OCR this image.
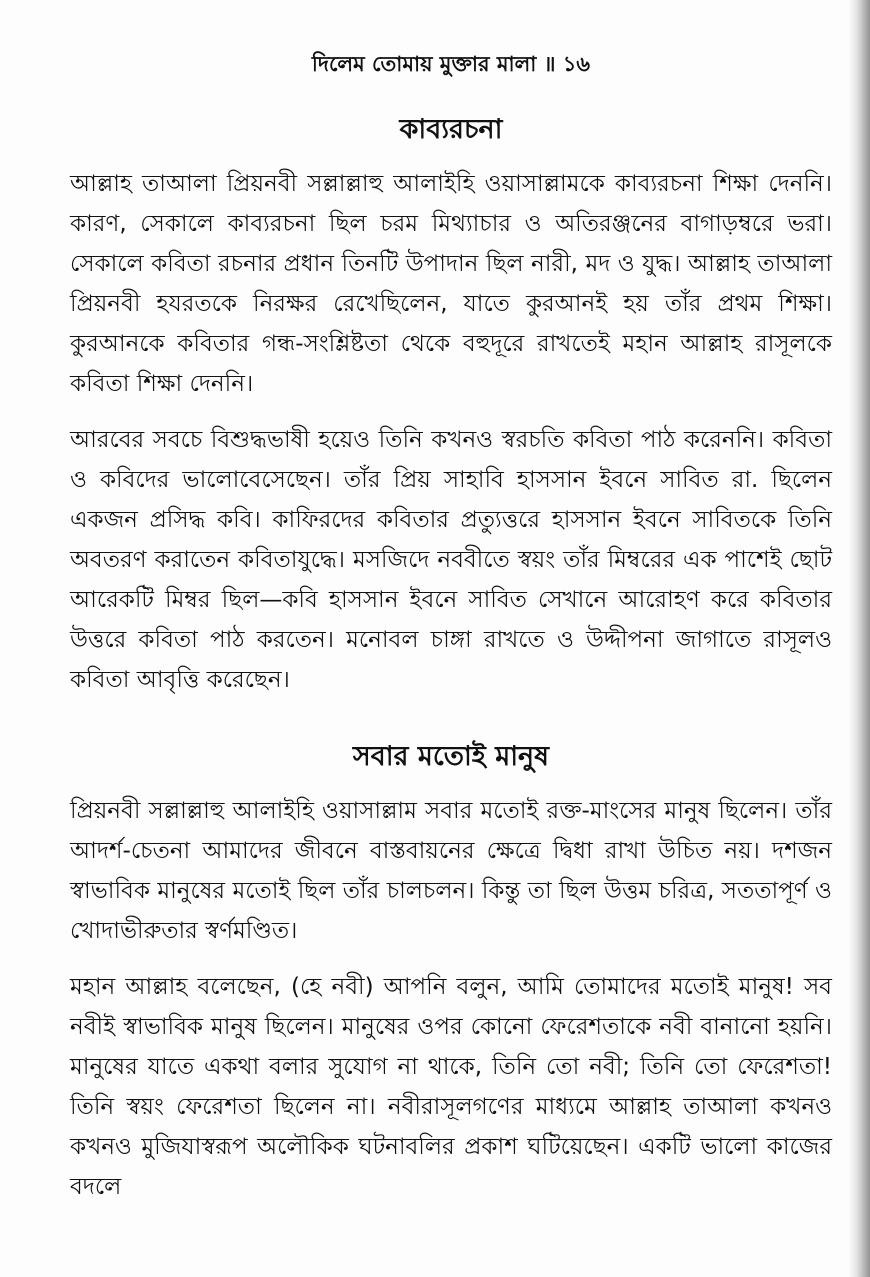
দিলেম তোমায় মুক্তার মালা ॥ ১৬
কাব্যরচনা

আল্লাহ তাআলা প্রিয়নবী সল্লাল্লাহু আলাইহি ওয়াসাল্লামকে কাব্যরচনা শিক্ষা দেননি। কারণ, সেকালে কাব্যরচনা ছিল চরম মিথ্যাচার ও অতিরঞ্জনের বাগাড়ম্বরে ভরা। সেকালে কবিতা রচনার প্রধান তিনটি উপাদান ছিল নারী, মদ ও যুদ্ধ। আল্লাহ তাআলা প্রিয়নবী হযরতকে নিরক্ষর রেখেছিলেন, যাতে কুরআনই হয় তাঁর প্রথম শিক্ষা। কুরআনকে কবিতার গন্ধ-সংশ্লিষ্টতা থেকে বহুদূরে রাখতেই মহান আল্লাহ রাসূলকে কবিতা শিক্ষা দেননি।

আরবের সবচে বিশুদ্ধভাষী হয়েও তিনি কখনও স্বরচতি কবিতা পাঠ করেননি। কবিতা ও কবিদের ভালোবেসেছেন। তাঁর প্রিয় সাহাবি হাসসান ইবনে সাবিত রা. ছিলেন একজন প্রসিদ্ধ কবি। কাফিরদের কবিতার প্রত্যুত্তরে হাসসান ইবনে সাবিতকে তিনি অবতরণ করাতেন কবিতাযুদ্ধে। মসজিদে নববীতে স্বয়ং তাঁর মিম্বরের এক পাশেই ছোট আরেকটি মিম্বর ছিল—কবি হাসসান ইবনে সাবিত সেখানে আরোহণ করে কবিতার উত্তরে কবিতা পাঠ করতেন। মনোবল চাঙ্গা রাখতে ও উদ্দীপনা জাগাতে রাসূলও কবিতা আবৃত্তি করেছেন।

সবার মতোই মানুষ

প্রিয়নবী সল্লাল্লাহু আলাইহি ওয়াসাল্লাম সবার মতোই রক্ত-মাংসের মানুষ ছিলেন। তাঁর আদর্শ-চেতনা আমাদের জীবনে বাস্তবায়নের ক্ষেত্রে দ্বিধা রাখা উচিত নয়। দশজন স্বাভাবিক মানুষের মতোই ছিল তাঁর চালচলন। কিন্তু তা ছিল উত্তম চরিত্র, সততাপূর্ণ ও খোদাভীরুতার স্বর্ণমণ্ডিত।

মহান আল্লাহ বলেছেন, (হে নবী) আপনি বলুন, আমি তোমাদের মতোই মানুষ! সব নবীই স্বাভাবিক মানুষ ছিলেন। মানুষের ওপর কোনো ফেরেশতাকে নবী বানানো হয়নি। মানুষের যাতে একথা বলার সুযোগ না থাকে, তিনি তো নবী; তিনি তো ফেরেশতা! তিনি স্বয়ং ফেরেশতা ছিলেন না। নবীরাসূলগণের মাধ্যমে আল্লাহ তাআলা কখনও কখনও মুজিযাস্বরূপ অলৌকিক ঘটনাবলির প্রকাশ ঘটিয়েছেন। একটি ভালো কাজের বদলে
